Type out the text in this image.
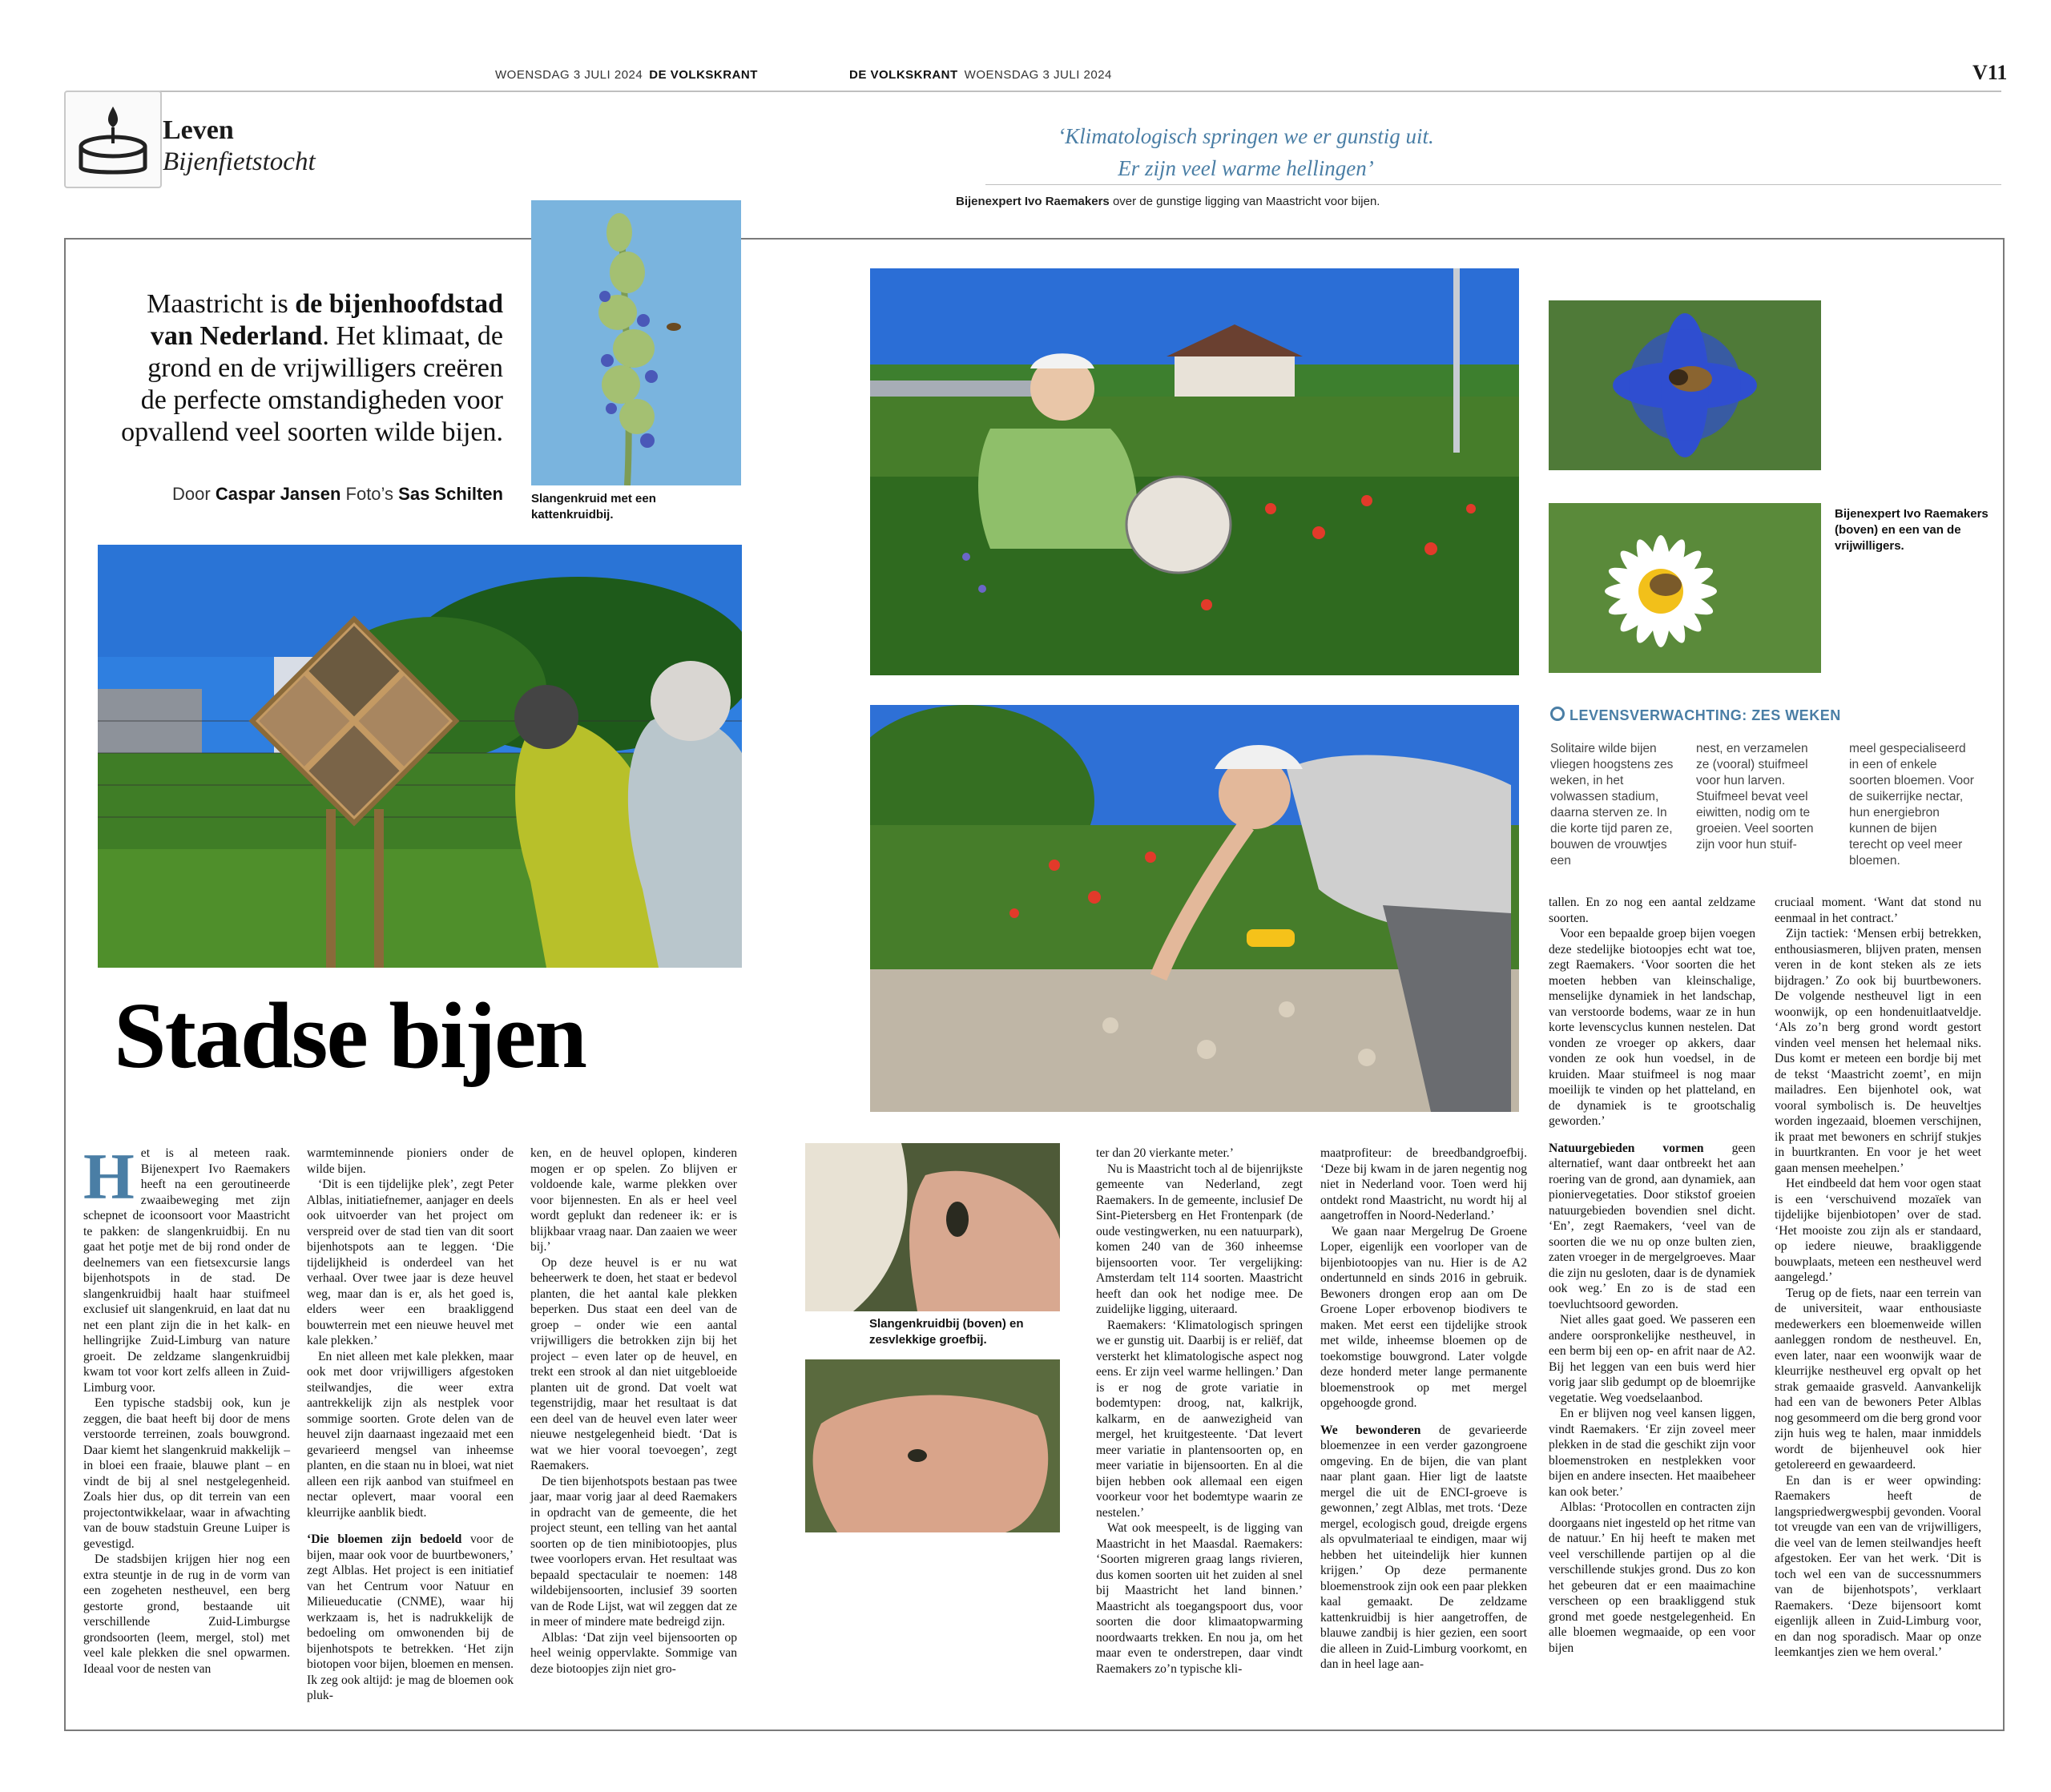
WOENSDAG 3 JULI 2024 DE VOLKSKRANT	DE VOLKSKRANT WOENSDAG 3 JULI 2024	V11
Leven
Bijenfietstocht
‘Klimatologisch springen we er gunstig uit.
Er zijn veel warme hellingen’
Bijenexpert Ivo Raemakers over de gunstige ligging van Maastricht voor bijen.
Maastricht is de bijenhoofdstad van Nederland. Het klimaat, de grond en de vrijwilligers creëren de perfecte omstandigheden voor opvallend veel soorten wilde bijen.
Door Caspar Jansen Foto’s Sas Schilten Slangenkruid met een kattenkruidbij.
Stadse bijen
Bijenexpert Ivo Raemakers (boven) en een van de vrijwilligers.
LEVENSVERWACHTING: ZES WEKEN
Solitaire wilde bijen vliegen hoogstens zes weken, in het volwassen stadium, daarna sterven ze. In die korte tijd paren ze, bouwen de vrouwtjes een
nest, en verzamelen ze (vooral) stuifmeel voor hun larven. Stuifmeel bevat veel eiwitten, nodig om te groeien. Veel soorten zijn voor hun stuif-
meel gespecialiseerd in een of enkele soorten bloemen. Voor de suikerrijke nectar, hun energiebron kunnen de bijen terecht op veel meer bloemen.
Slangenkruidbij (boven) en zesvlekkige groefbij.
H et is al meteen raak. Bijenexpert Ivo Raemakers heeft na een geroutineerde zwaaibeweging met zijn schepnet de icoonsoort voor Maastricht te pakken: de slangenkruidbij. En nu gaat het potje met de bij rond onder de deelnemers van een fietsexcursie langs bijenhotspots in de stad. De slangenkruidbij haalt haar stuifmeel exclusief uit slangenkruid, en laat dat nu net een plant zijn die in het kalk- en hellingrijke Zuid-Limburg van nature groeit. De zeldzame slangenkruidbij kwam tot voor kort zelfs alleen in Zuid-Limburg voor.

Een typische stadsbij ook, kun je zeggen, die baat heeft bij door de mens verstoorde terreinen, zoals bouwgrond. Daar kiemt het slangenkruid makkelijk – in bloei een fraaie, blauwe plant – en vindt de bij al snel nestgelegenheid. Zoals hier dus, op dit terrein van een projectontwikkelaar, waar in afwachting van de bouw stadstuin Greune Luiper is gevestigd.

De stadsbijen krijgen hier nog een extra steuntje in de rug in de vorm van een zogeheten nestheuvel, een berg gestorte grond, bestaande uit verschillende Zuid-Limburgse grondsoorten (leem, mergel, stol) met veel kale plekken die snel opwarmen. Ideaal voor de nesten van

warmteminnende pioniers onder de wilde bijen.

‘Dit is een tijdelijke plek’, zegt Peter Alblas, initiatiefnemer, aanjager en deels ook uitvoerder van het project om verspreid over de stad tien van dit soort bijenhotspots aan te leggen. ‘Die tijdelijkheid is onderdeel van het verhaal. Over twee jaar is deze heuvel weg, maar dan is er, als het goed is, elders weer een braakliggend bouwterrein met een nieuwe heuvel met kale plekken.’

En niet alleen met kale plekken, maar ook met door vrijwilligers afgestoken steilwandjes, die weer extra aantrekkelijk zijn als nestplek voor sommige soorten. Grote delen van de heuvel zijn daarnaast ingezaaid met een gevarieerd mengsel van inheemse planten, en die staan nu in bloei, wat niet alleen een rijk aanbod van stuifmeel en nectar oplevert, maar vooral een kleurrijke aanblik biedt.

‘Die bloemen zijn bedoeld voor de bijen, maar ook voor de buurtbewoners,’ zegt Alblas. Het project is een initiatief van het Centrum voor Natuur en Milieueducatie (CNME), waar hij werkzaam is, het is nadrukkelijk de bedoeling om omwonenden bij de bijenhotspots te betrekken. ‘Het zijn biotopen voor bijen, bloemen en mensen. Ik zeg ook altijd: je mag de bloemen ook pluk-

ken, en de heuvel oplopen, kinderen mogen er op spelen. Zo blijven er voldoende kale, warme plekken over voor bijennesten. En als er heel veel wordt geplukt dan redeneer ik: er is blijkbaar vraag naar. Dan zaaien we weer bij.’

Op deze heuvel is er nu wat beheerwerk te doen, het staat er bedevol planten, die het aantal kale plekken beperken. Dus staat een deel van de groep – onder wie een aantal vrijwilligers die betrokken zijn bij het project – even later op de heuvel, en trekt een strook al dan niet uitgebloeide planten uit de grond. Dat voelt wat tegenstrijdig, maar het resultaat is dat een deel van de heuvel even later weer nieuwe nestgelegenheid biedt. ‘Dat is wat we hier vooral toevoegen’, zegt Raemakers.

De tien bijenhotspots bestaan pas twee jaar, maar vorig jaar al deed Raemakers in opdracht van de gemeente, die het project steunt, een telling van het aantal soorten op de tien minibiotoopjes, plus twee voorlopers ervan. Het resultaat was bepaald spectaculair te noemen: 148 wildebijensoorten, inclusief 39 soorten van de Rode Lijst, wat wil zeggen dat ze in meer of mindere mate bedreigd zijn.

Alblas: ‘Dat zijn veel bijensoorten op heel weinig oppervlakte. Sommige van deze biotoopjes zijn niet gro-

ter dan 20 vierkante meter.’

Nu is Maastricht toch al de bijenrijkste gemeente van Nederland, zegt Raemakers. In de gemeente, inclusief De Sint-Pietersberg en Het Frontenpark (de oude vestingwerken, nu een natuurpark), komen 240 van de 360 inheemse bijensoorten voor. Ter vergelijking: Amsterdam telt 114 soorten. Maastricht heeft dan ook het nodige mee. De zuidelijke ligging, uiteraard.

Raemakers: ‘Klimatologisch springen we er gunstig uit. Daarbij is er reliëf, dat versterkt het klimatologische aspect nog eens. Er zijn veel warme hellingen.’ Dan is er nog de grote variatie in bodemtypen: droog, nat, kalkrijk, kalkarm, en de aanwezigheid van mergel, het kruitgesteente. ‘Dat levert meer variatie in plantensoorten op, en meer variatie in bijensoorten. En al die bijen hebben ook allemaal een eigen voorkeur voor het bodemtype waarin ze nestelen.’

Wat ook meespeelt, is de ligging van Maastricht in het Maasdal. Raemakers: ‘Soorten migreren graag langs rivieren, dus komen soorten uit het zuiden al snel bij Maastricht het land binnen.’ Maastricht als toegangspoort dus, voor soorten die door klimaatopwarming noordwaarts trekken. En nou ja, om het maar even te onderstrepen, daar vindt Raemakers zo’n typische kli-

maatprofiteur: de breedbandgroefbij. ‘Deze bij kwam in de jaren negentig nog niet in Nederland voor. Toen werd hij ontdekt rond Maastricht, nu wordt hij al aangetroffen in Noord-Nederland.’

We gaan naar Mergelrug De Groene Loper, eigenlijk een voorloper van de bijenbiotoopjes van nu. Hier is de A2 ondertunneld en sinds 2016 in gebruik. Bewoners drongen erop aan om De Groene Loper erbovenop biodivers te maken. Met eerst een tijdelijke strook met wilde, inheemse bloemen op de toekomstige bouwgrond. Later volgde deze honderd meter lange permanente bloemenstrook op met mergel opgehoogde grond.

We bewonderen de gevarieerde bloemenzee in een verder gazongroene omgeving. En de bijen, die van plant naar plant gaan. Hier ligt de laatste mergel die uit de ENCI-groeve is gewonnen,’ zegt Alblas, met trots. ‘Deze mergel, ecologisch goud, dreigde ergens als opvulmateriaal te eindigen, maar wij hebben het uiteindelijk hier kunnen krijgen.’ Op deze permanente bloemenstrook zijn ook een paar plekken kaal gemaakt. De zeldzame kattenkruidbij is hier aangetroffen, de blauwe zandbij is hier gezien, een soort die alleen in Zuid-Limburg voorkomt, en dan in heel lage aan-

tallen. En zo nog een aantal zeldzame soorten.

Voor een bepaalde groep bijen voegen deze stedelijke biotoopjes echt wat toe, zegt Raemakers. ‘Voor soorten die het moeten hebben van kleinschalige, menselijke dynamiek in het landschap, van verstoorde bodems, waar ze in hun korte levenscyclus kunnen nestelen. Dat vonden ze vroeger op akkers, daar vonden ze ook hun voedsel, in de kruiden. Maar stuifmeel is nog maar moeilijk te vinden op het platteland, en de dynamiek is te grootschalig geworden.’

Natuurgebieden vormen geen alternatief, want daar ontbreekt het aan roering van de grond, aan dynamiek, aan pioniervegetaties. Door stikstof groeien natuurgebieden bovendien snel dicht. ‘En’, zegt Raemakers, ‘veel van de soorten die we nu op onze bulten zien, zaten vroeger in de mergelgroeves. Maar die zijn nu gesloten, daar is de dynamiek ook weg.’ En zo is de stad een toevluchtsoord geworden.

Niet alles gaat goed. We passeren een andere oorspronkelijke nestheuvel, in een berm bij een op- en afrit naar de A2. Bij het leggen van een buis werd hier vorig jaar slib gedumpt op de bloemrijke vegetatie. Weg voedselaanbod.

En er blijven nog veel kansen liggen, vindt Raemakers. ‘Er zijn zoveel meer plekken in de stad die geschikt zijn voor bloemenstroken en nestplekken voor bijen en andere insecten. Het maaibeheer kan ook beter.’

Alblas: ‘Protocollen en contracten zijn doorgaans niet ingesteld op het ritme van de natuur.’ En hij heeft te maken met veel verschillende partijen op al die verschillende stukjes grond. Dus zo kon het gebeuren dat er een maaimachine verscheen op een braakliggend stuk grond met goede nestgelegenheid. En alle bloemen wegmaaide, op een voor bijen

cruciaal moment. ‘Want dat stond nu eenmaal in het contract.’

Zijn tactiek: ‘Mensen erbij betrekken, enthousiasmeren, blijven praten, mensen veren in de kont steken als ze iets bijdragen.’ Zo ook bij buurtbewoners. De volgende nestheuvel ligt in een woonwijk, op een hondenuitlaatveldje. ‘Als zo’n berg grond wordt gestort vinden veel mensen het helemaal niks. Dus komt er meteen een bordje bij met de tekst ‘Maastricht zoemt’, en mijn mailadres. Een bijenhotel ook, wat vooral symbolisch is. De heuveltjes worden ingezaaid, bloemen verschijnen, ik praat met bewoners en schrijf stukjes in buurtkranten. En voor je het weet gaan mensen meehelpen.’

Het eindbeeld dat hem voor ogen staat is een ‘verschuivend mozaïek van tijdelijke bijenbiotopen’ over de stad. ‘Het mooiste zou zijn als er standaard, op iedere nieuwe, braakliggende bouwplaats, meteen een nestheuvel werd aangelegd.’

Terug op de fiets, naar een terrein van de universiteit, waar enthousiaste medewerkers een bloemenweide willen aanleggen rondom de nestheuvel. En, even later, naar een woonwijk waar de kleurrijke nestheuvel erg opvalt op het strak gemaaide grasveld. Aanvankelijk had een van de bewoners Peter Alblas nog gesommeerd om die berg grond voor zijn huis weg te halen, maar inmiddels wordt de bijenheuvel ook hier getolereerd en gewaardeerd.

En dan is er weer opwinding: Raemakers heeft de langspriedwergwespbij gevonden. Vooral tot vreugde van een van de vrijwilligers, die veel van de lemen steilwandjes heeft afgestoken. Eer van het werk. ‘Dit is toch wel een van de successnummers van de bijenhotspots’, verklaart Raemakers. ‘Deze bijensoort komt eigenlijk alleen in Zuid-Limburg voor, en dan nog sporadisch. Maar op onze leemkantjes zien we hem overal.’
